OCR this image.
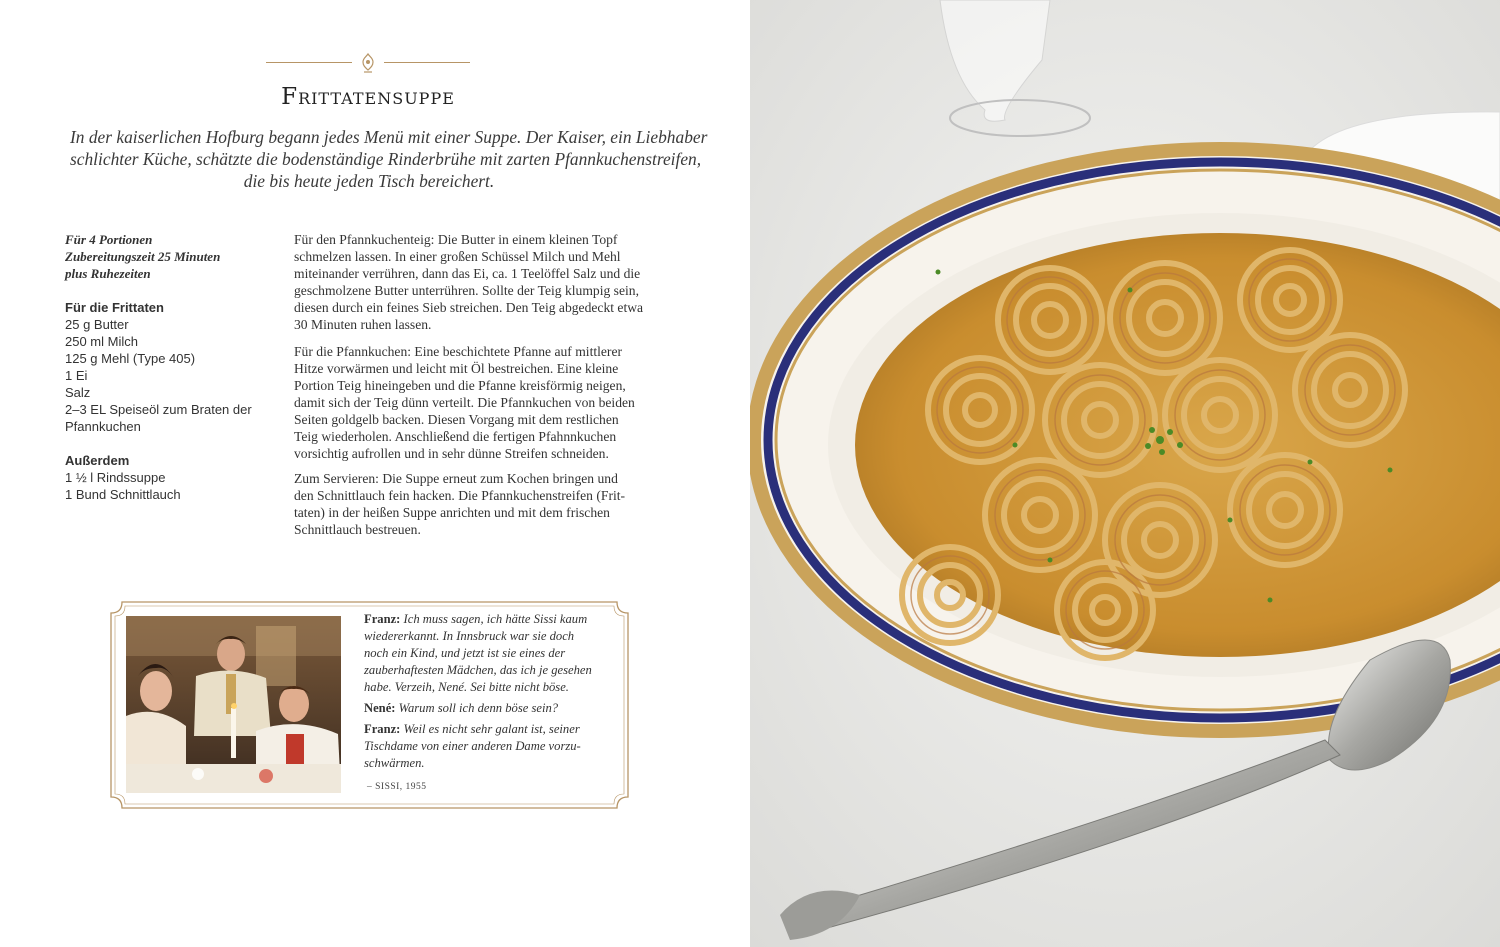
Frittatensuppe
In der kaiserlichen Hofburg begann jedes Menü mit einer Suppe. Der Kaiser, ein Liebhaber
schlichter Küche, schätzte die bodenständige Rinderbrühe mit zarten Pfannkuchenstreifen,
die bis heute jeden Tisch bereichert.
Für 4 Portionen
Zubereitungszeit 25 Minuten
plus Ruhezeiten
Für die Frittaten
25 g Butter
250 ml Milch
125 g Mehl (Type 405)
1 Ei
Salz
2–3 EL Speiseöl zum Braten der
Pfannkuchen
Außerdem
1 ½ l Rindssuppe
1 Bund Schnittlauch
Für den Pfannkuchenteig: Die Butter in einem kleinen Topf
schmelzen lassen. In einer großen Schüssel Milch und Mehl
miteinander verrühren, dann das Ei, ca. 1 Teelöffel Salz und die
geschmolzene Butter unterrühren. Sollte der Teig klumpig sein,
diesen durch ein feines Sieb streichen. Den Teig abgedeckt etwa
30 Minuten ruhen lassen.
Für die Pfannkuchen: Eine beschichtete Pfanne auf mittlerer
Hitze vorwärmen und leicht mit Öl bestreichen. Eine kleine
Portion Teig hineingeben und die Pfanne kreisförmig neigen,
damit sich der Teig dünn verteilt. Die Pfannkuchen von beiden
Seiten goldgelb backen. Diesen Vorgang mit dem restlichen
Teig wiederholen. Anschließend die fertigen Pfahnnkuchen
vorsichtig aufrollen und in sehr dünne Streifen schneiden.
Zum Servieren: Die Suppe erneut zum Kochen bringen und
den Schnittlauch fein hacken. Die Pfannkuchenstreifen (Frit-
taten) in der heißen Suppe anrichten und mit dem frischen
Schnittlauch bestreuen.
Franz: Ich muss sagen, ich hätte Sissi kaum
wiedererkannt. In Innsbruck war sie doch
noch ein Kind, und jetzt ist sie eines der
zauberhaftesten Mädchen, das ich je gesehen
habe. Verzeih, Nené. Sei bitte nicht böse.
Nené: Warum soll ich denn böse sein?
Franz: Weil es nicht sehr galant ist, seiner
Tischdame von einer anderen Dame vorzu-
schwärmen.
– SISSI, 1955
